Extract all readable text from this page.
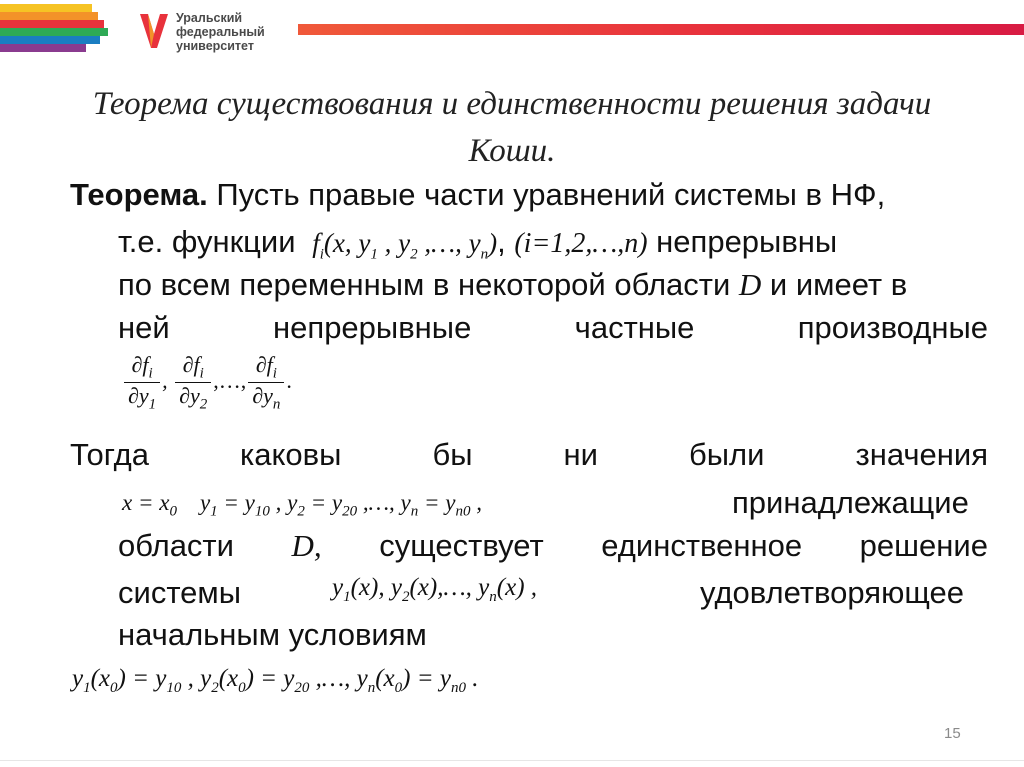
Уральский
федеральный
университет
Теорема существования и единственности решения задачи
Коши.
Теорема. Пусть правые части уравнений системы в НФ,
т.е. функции $f_i(x$, $y_1$ , $y_2$ ,…, $y_n$), (i=1,2,…,n) непрерывны
по всем переменным в некоторой области D и имеет в
ней	непрерывные	частные	производные
$\frac{\partial f_i}{\partial y_1}$ , $\frac{\partial f_i}{\partial y_2}$ ,…, $\frac{\partial f_i}{\partial y_n}$ .
Тогда	каковы	бы	ни	были	значения
$x = x_0$    $y_1 = y_{10}$ , $y_2 = y_{20}$ ,…, $y_n = y_{n0}$ ,	принадлежащие
области D, существует единственное решение
системы	$y_1(x)$, $y_2(x),\dots$, $y_n(x)$ ,	удовлетворяющее
начальным условиям
$y_1(x_0) = y_{10}$ , $y_2(x_0) = y_{20}$ ,…, $y_n(x_0) = y_{n0}$ .
15
